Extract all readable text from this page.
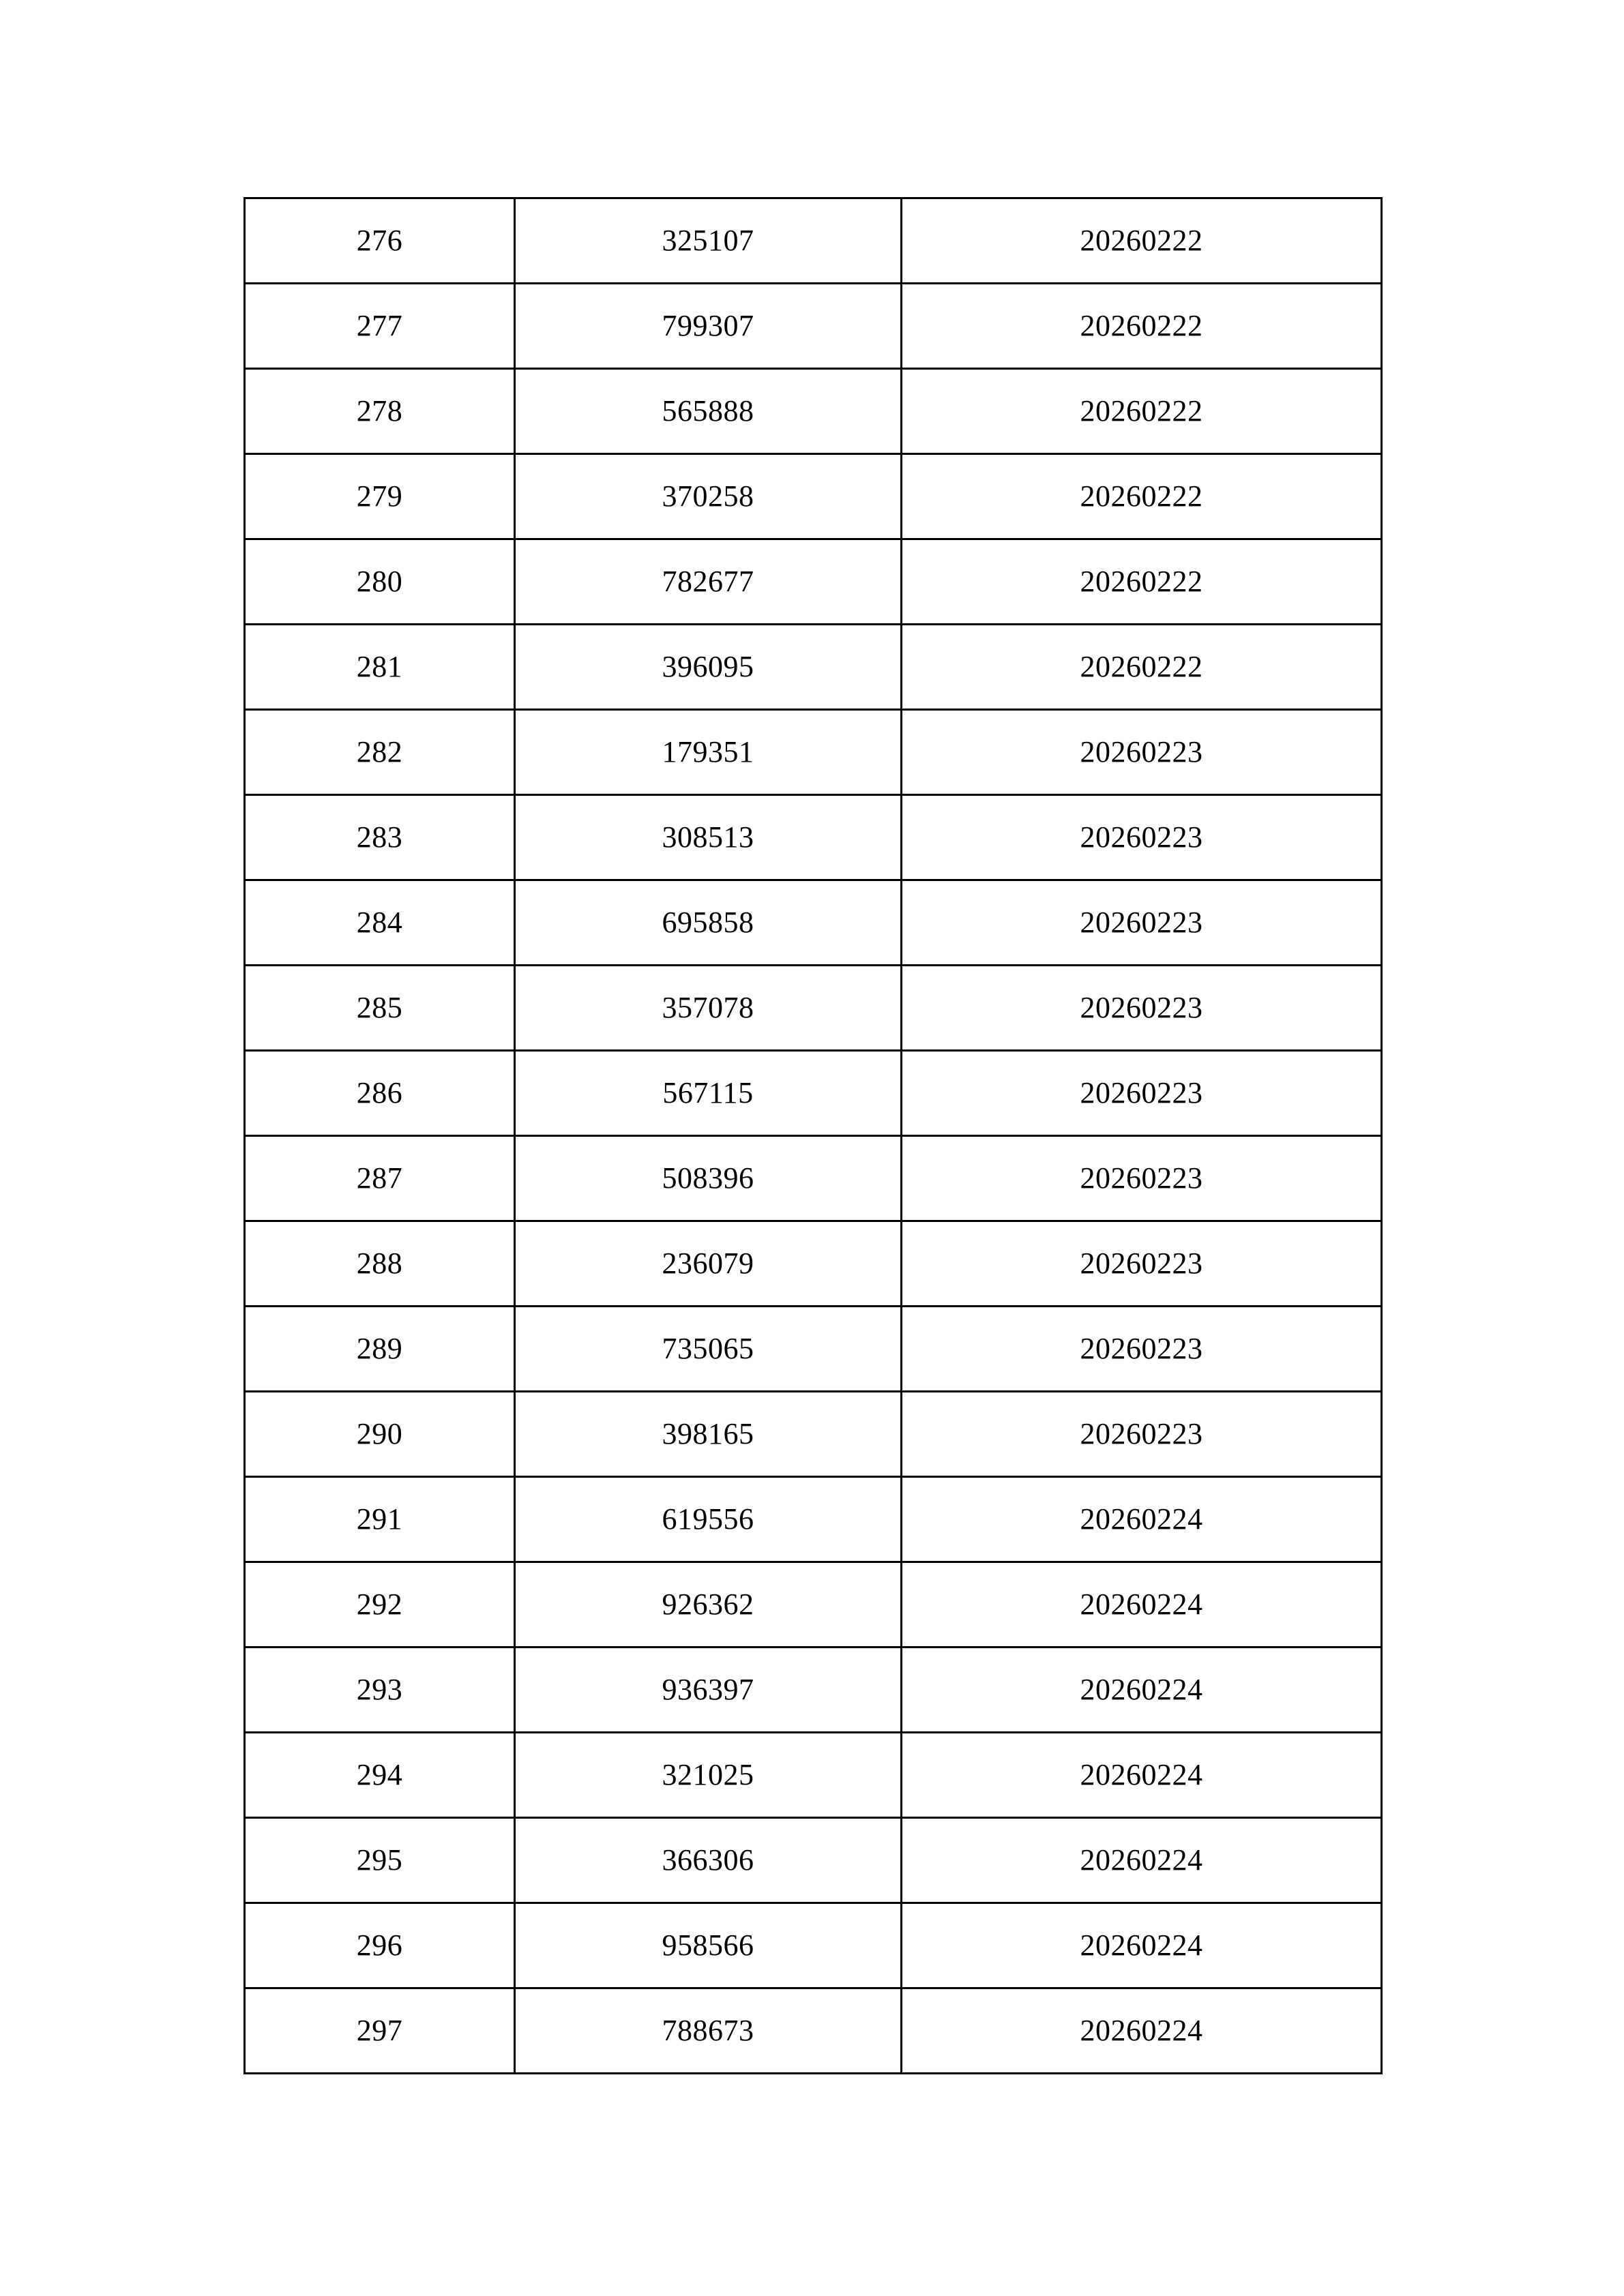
276	325107	20260222
277	799307	20260222
278	565888	20260222
279	370258	20260222
280	782677	20260222
281	396095	20260222
282	179351	20260223
283	308513	20260223
284	695858	20260223
285	357078	20260223
286	567115	20260223
287	508396	20260223
288	236079	20260223
289	735065	20260223
290	398165	20260223
291	619556	20260224
292	926362	20260224
293	936397	20260224
294	321025	20260224
295	366306	20260224
296	958566	20260224
297	788673	20260224
